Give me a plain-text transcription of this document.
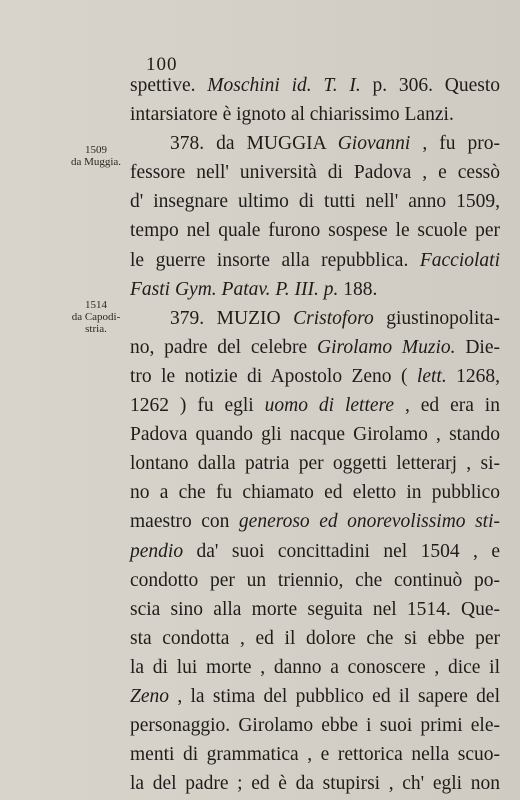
100
1509
da Muggia.
1514
da Capodi-
stria.
spettive. Moschini id. T. I. p. 306. Questo
intarsiatore è ignoto al chiarissimo Lanzi.
378. da MUGGIA Giovanni , fu pro-
fessore nell' università di Padova , e cessò
d' insegnare ultimo di tutti nell' anno 1509,
tempo nel quale furono sospese le scuole per
le guerre insorte alla repubblica. Facciolati
Fasti Gym. Patav. P. III. p. 188.
379. MUZIO Cristoforo giustinopolita-
no, padre del celebre Girolamo Muzio. Die-
tro le notizie di Apostolo Zeno ( lett. 1268,
1262 ) fu egli uomo di lettere , ed era in
Padova quando gli nacque Girolamo , stando
lontano dalla patria per oggetti letterarj , si-
no a che fu chiamato ed eletto in pubblico
maestro con generoso ed onorevolissimo sti-
pendio da' suoi concittadini nel 1504 , e
condotto per un triennio, che continuò po-
scia sino alla morte seguita nel 1514. Que-
sta condotta , ed il dolore che si ebbe per
la di lui morte , danno a conoscere , dice il
Zeno , la stima del pubblico ed il sapere del
personaggio. Girolamo ebbe i suoi primi ele-
menti di grammatica , e rettorica nella scuo-
la del padre ; ed è da stupirsi , ch' egli non
